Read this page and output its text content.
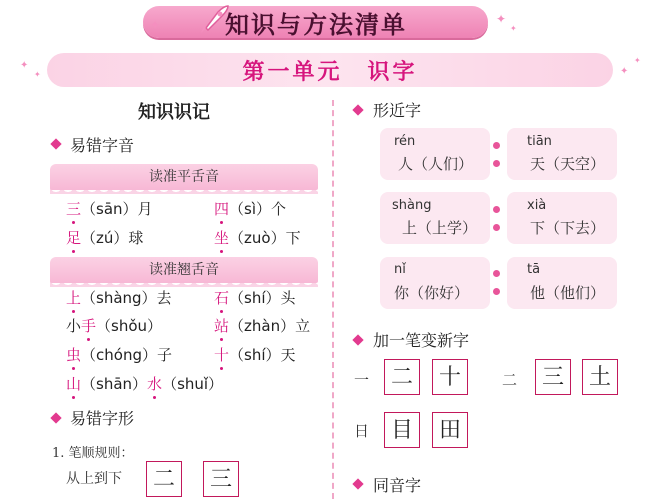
知识与方法清单
✦	✦
✦
第一单元　识字
✦
✦	✦
✦
知识识记
易错字音
读准平舌音
三（sān）月	四（sì）个
足（zú）球	坐（zuò）下
读准翘舌音
上（shàng）去	石（shí）头
小手（shǒu）	站（zhàn）立
虫（chóng）子	十（shí）天
山（shān）水（shuǐ）
易错字形
1. 笔顺规则：
从上到下	二	三
形近字
rén
人（人们）
tiān
天（天空）
shàng
上（上学）
xià
下（下去）
nǐ
你（你好）
tā
他（他们）
加一笔变新字
一 二	十	二	三	土
日 目	田
同音字
